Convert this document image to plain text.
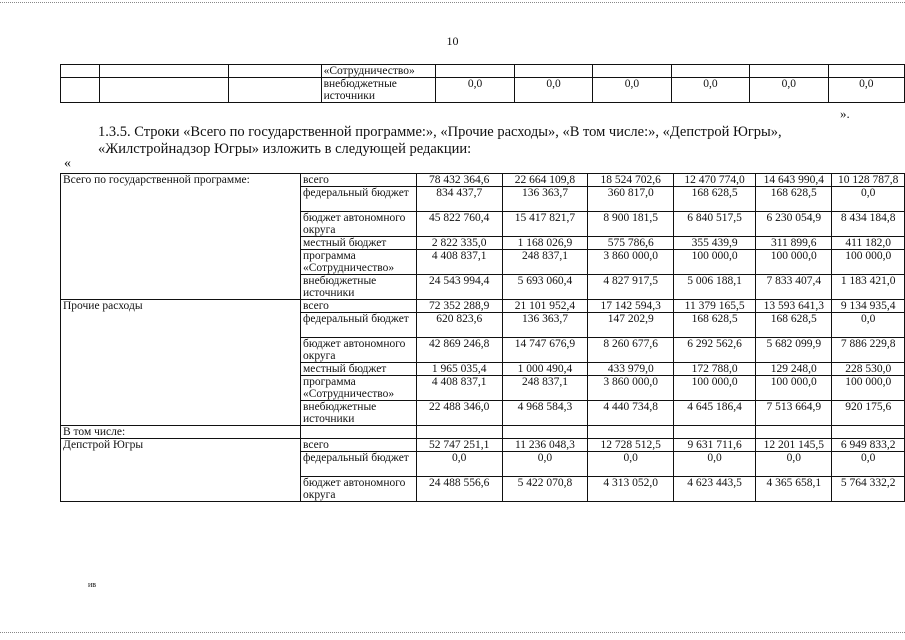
10
			«Сотрудничество»						
			внебюджетные источники	0,0	0,0	0,0	0,0	0,0	0,0
».
1.3.5. Строки «Всего по государственной программе:», «Прочие расходы», «В том числе:», «Депстрой Югры», «Жилстройнадзор Югры» изложить в следующей редакции:
«
Всего по государственной программе:	всего	78 432 364,6	22 664 109,8	18 524 702,6	12 470 774,0	14 643 990,4	10 128 787,8
	федеральный бюджет	834 437,7	136 363,7	360 817,0	168 628,5	168 628,5	0,0
	бюджет автономного округа	45 822 760,4	15 417 821,7	8 900 181,5	6 840 517,5	6 230 054,9	8 434 184,8
	местный бюджет	2 822 335,0	1 168 026,9	575 786,6	355 439,9	311 899,6	411 182,0
	программа «Сотрудничество»	4 408 837,1	248 837,1	3 860 000,0	100 000,0	100 000,0	100 000,0
	внебюджетные источники	24 543 994,4	5 693 060,4	4 827 917,5	5 006 188,1	7 833 407,4	1 183 421,0
Прочие расходы	всего	72 352 288,9	21 101 952,4	17 142 594,3	11 379 165,5	13 593 641,3	9 134 935,4
	федеральный бюджет	620 823,6	136 363,7	147 202,9	168 628,5	168 628,5	0,0
	бюджет автономного округа	42 869 246,8	14 747 676,9	8 260 677,6	6 292 562,6	5 682 099,9	7 886 229,8
	местный бюджет	1 965 035,4	1 000 490,4	433 979,0	172 788,0	129 248,0	228 530,0
	программа «Сотрудничество»	4 408 837,1	248 837,1	3 860 000,0	100 000,0	100 000,0	100 000,0
	внебюджетные источники	22 488 346,0	4 968 584,3	4 440 734,8	4 645 186,4	7 513 664,9	920 175,6
В том числе:							
Депстрой Югры	всего	52 747 251,1	11 236 048,3	12 728 512,5	9 631 711,6	12 201 145,5	6 949 833,2
	федеральный бюджет	0,0	0,0	0,0	0,0	0,0	0,0
	бюджет автономного округа	24 488 556,6	5 422 070,8	4 313 052,0	4 623 443,5	4 365 658,1	5 764 332,2
ив
